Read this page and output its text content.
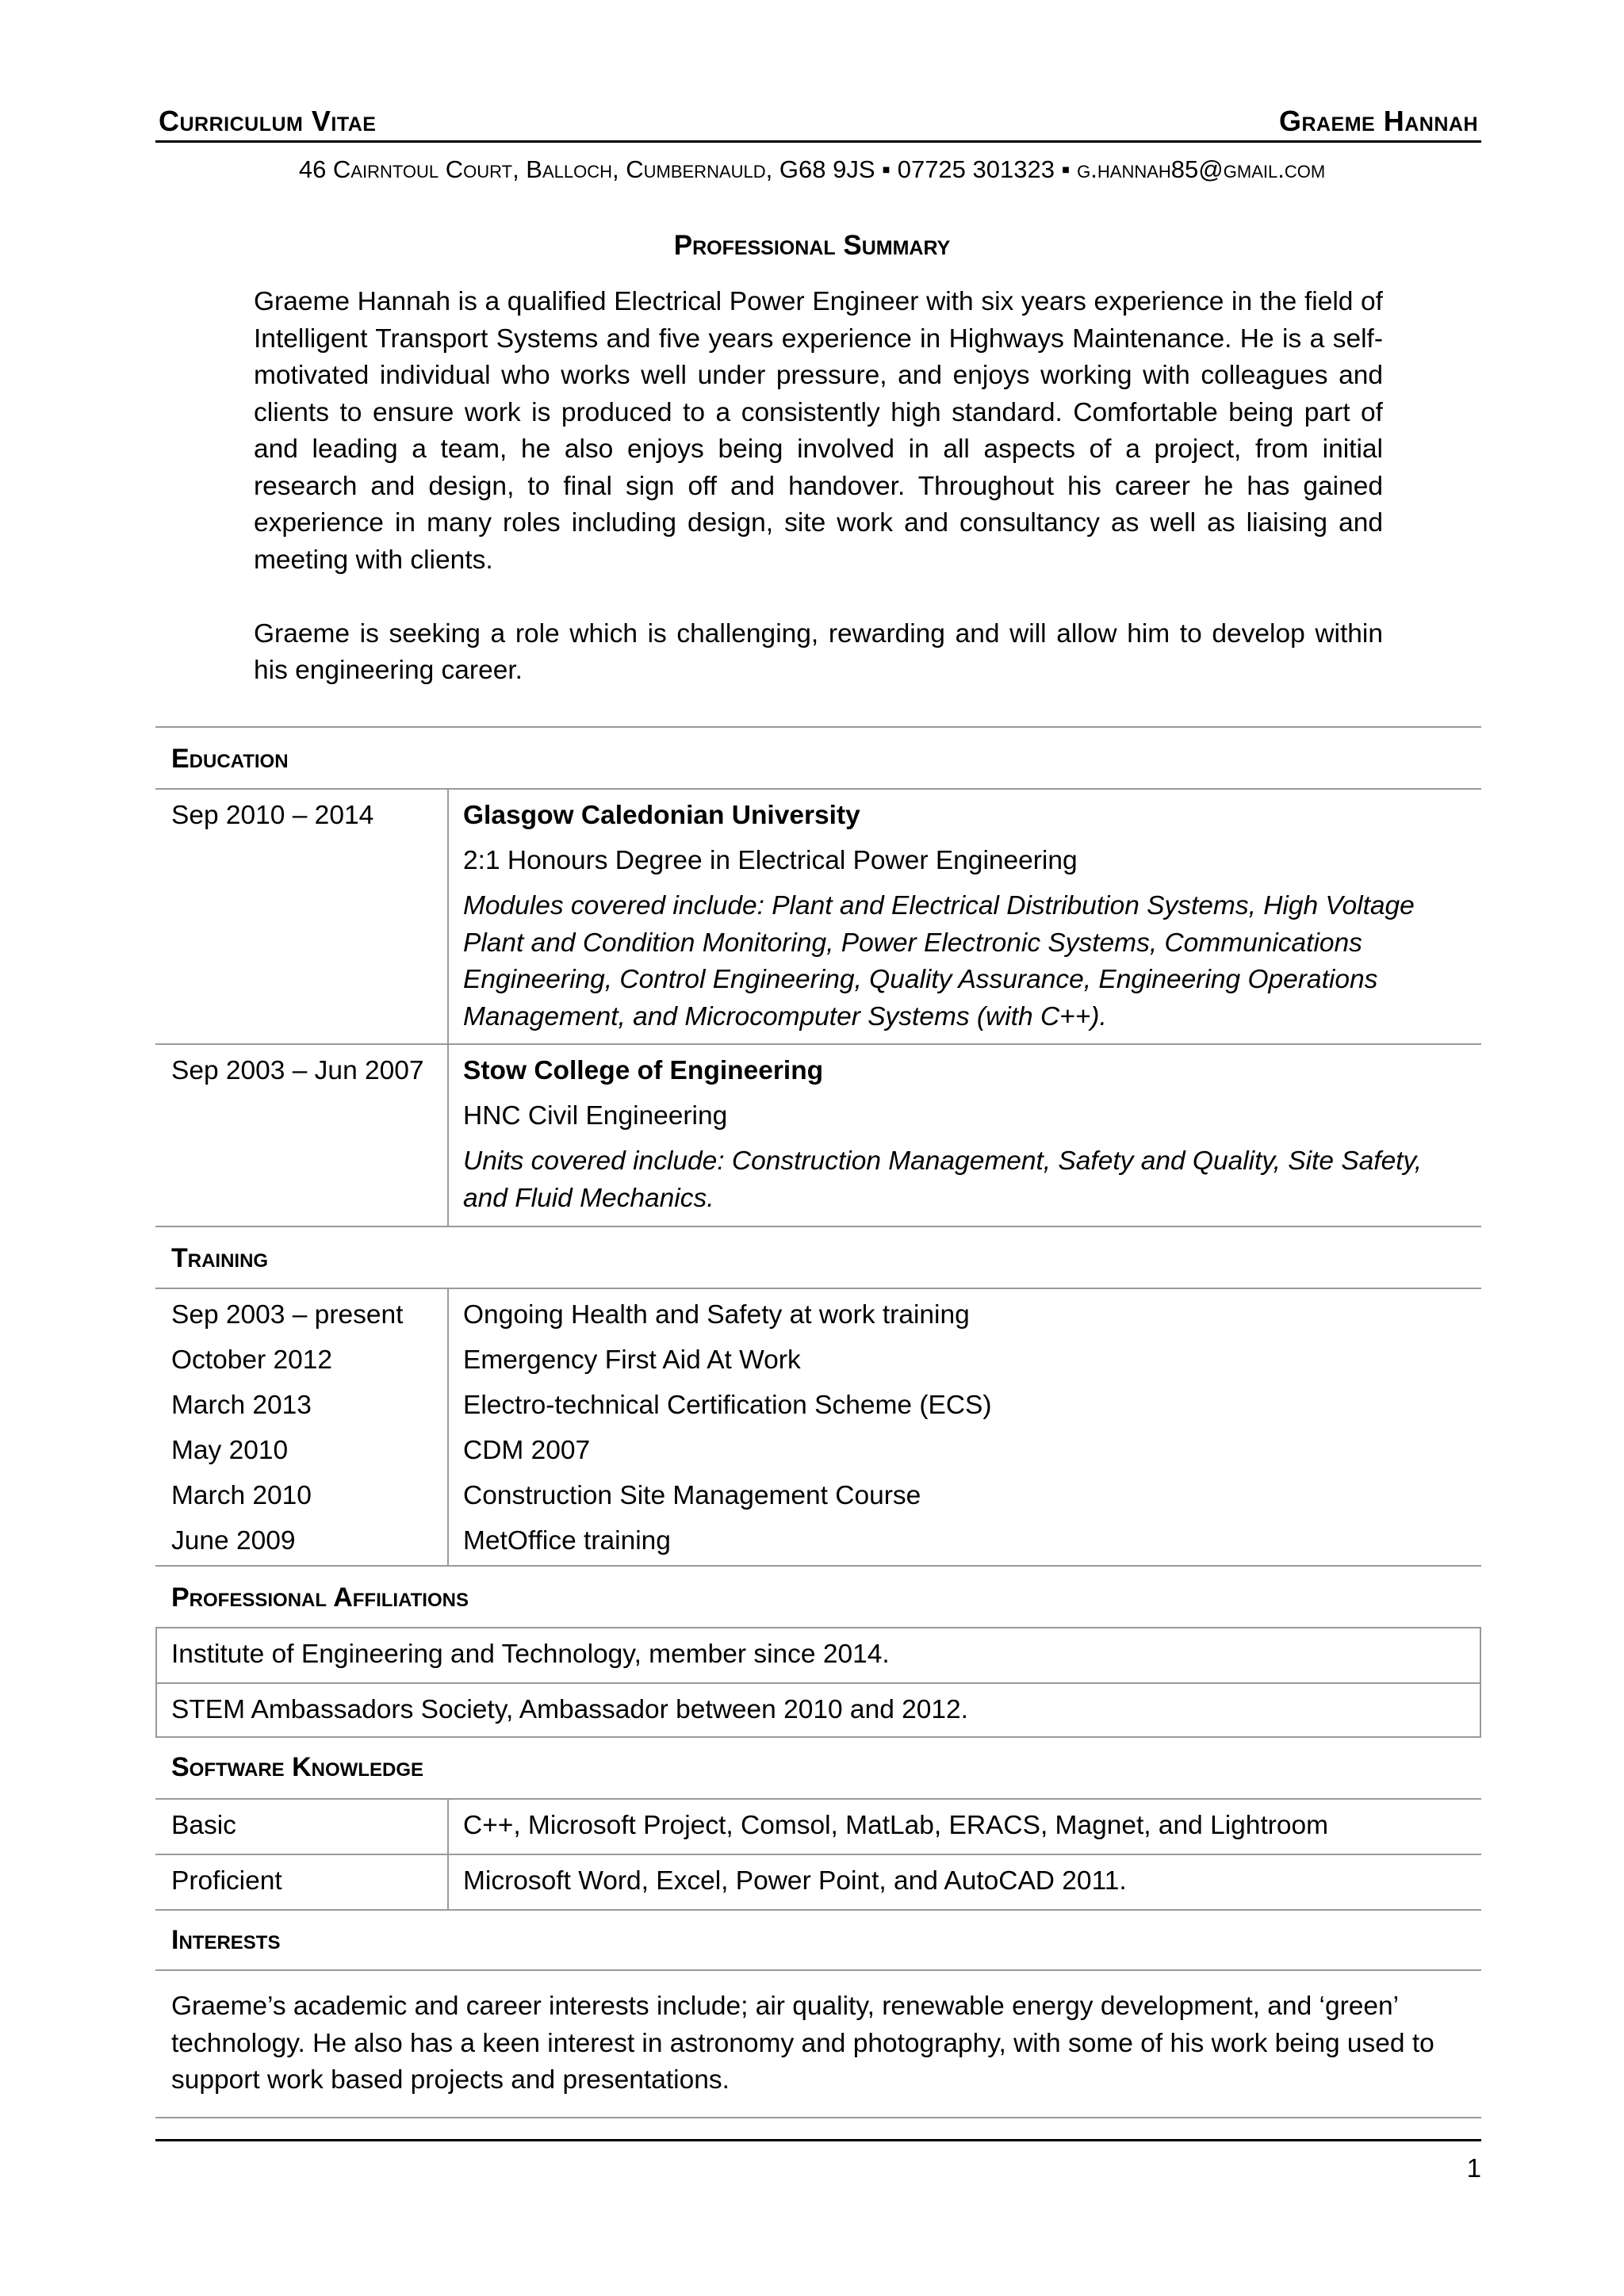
Curriculum Vitae	Graeme Hannah
46 Cairntoul Court, Balloch, Cumbernauld, G68 9JS ▪ 07725 301323 ▪ g.hannah85@gmail.com
Professional Summary

Graeme Hannah is a qualified Electrical Power Engineer with six years experience in the field of Intelligent Transport Systems and five years experience in Highways Maintenance. He is a self-motivated individual who works well under pressure, and enjoys working with colleagues and clients to ensure work is produced to a consistently high standard. Comfortable being part of and leading a team, he also enjoys being involved in all aspects of a project, from initial research and design, to final sign off and handover. Throughout his career he has gained experience in many roles including design, site work and consultancy as well as liaising and meeting with clients.

Graeme is seeking a role which is challenging, rewarding and will allow him to develop within his engineering career.

Education
Sep 2010 – 2014	Glasgow Caledonian University
2:1 Honours Degree in Electrical Power Engineering
Modules covered include: Plant and Electrical Distribution Systems, High Voltage Plant and Condition Monitoring, Power Electronic Systems, Communications Engineering, Control Engineering, Quality Assurance, Engineering Operations Management, and Microcomputer Systems (with C++).
Sep 2003 – Jun 2007 Stow College of Engineering
HNC Civil Engineering
Units covered include: Construction Management, Safety and Quality, Site Safety, and Fluid Mechanics.
Training
Sep 2003 – present Ongoing Health and Safety at work training
October 2012	Emergency First Aid At Work
March 2013	Electro-technical Certification Scheme (ECS)
May 2010	CDM 2007
March 2010	Construction Site Management Course
June 2009	MetOffice training
Professional Affiliations
Institute of Engineering and Technology, member since 2014.
STEM Ambassadors Society, Ambassador between 2010 and 2012.
Software Knowledge
Basic	C++, Microsoft Project, Comsol, MatLab, ERACS, Magnet, and Lightroom
Proficient	Microsoft Word, Excel, Power Point, and AutoCAD 2011.
Interests
Graeme’s academic and career interests include; air quality, renewable energy development, and ‘green’ technology. He also has a keen interest in astronomy and photography, with some of his work being used to support work based projects and presentations.
1
